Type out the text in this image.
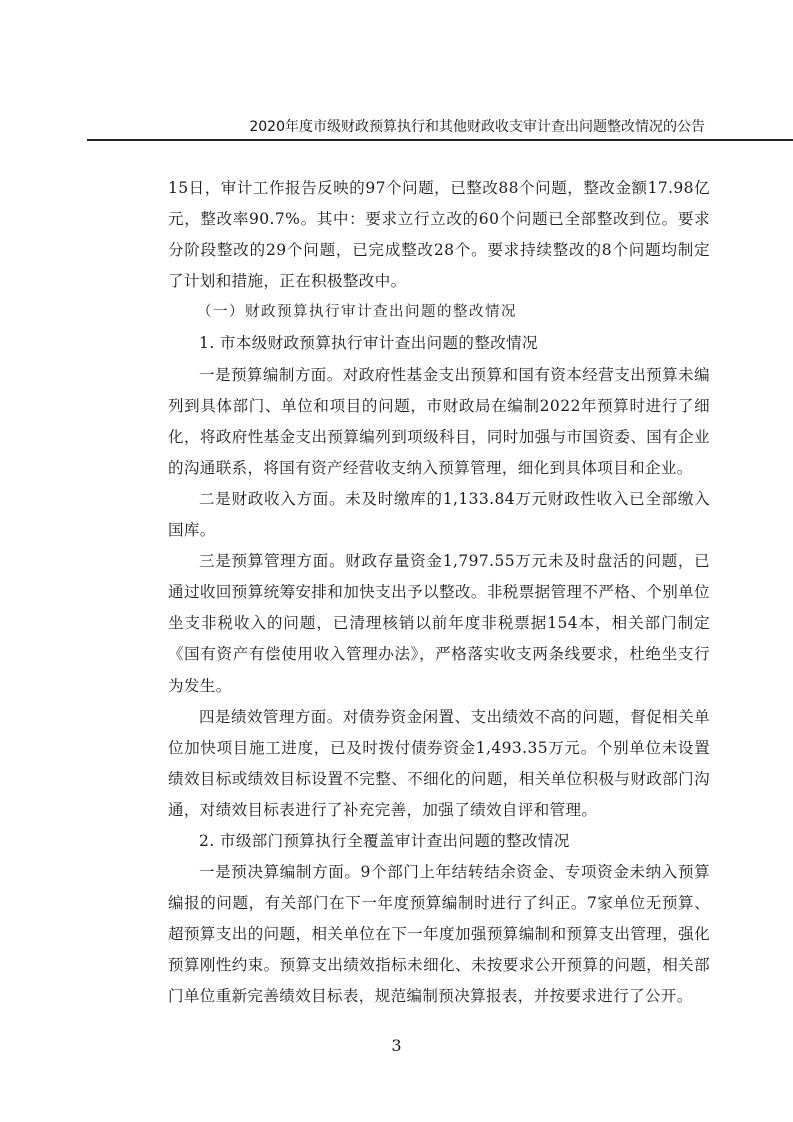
2020年度市级财政预算执行和其他财政收支审计查出问题整改情况的公告

15日，审计工作报告反映的97个问题，已整改88个问题，整改金额17.98亿元，整改率90.7%。其中：要求立行立改的60个问题已全部整改到位。要求分阶段整改的29个问题，已完成整改28个。要求持续整改的8个问题均制定了计划和措施，正在积极整改中。

（一）财政预算执行审计查出问题的整改情况

1. 市本级财政预算执行审计查出问题的整改情况

一是预算编制方面。对政府性基金支出预算和国有资本经营支出预算未编列到具体部门、单位和项目的问题，市财政局在编制2022年预算时进行了细化，将政府性基金支出预算编列到项级科目，同时加强与市国资委、国有企业的沟通联系，将国有资产经营收支纳入预算管理，细化到具体项目和企业。

二是财政收入方面。未及时缴库的1,133.84万元财政性收入已全部缴入国库。

三是预算管理方面。财政存量资金1,797.55万元未及时盘活的问题，已通过收回预算统筹安排和加快支出予以整改。非税票据管理不严格、个别单位坐支非税收入的问题，已清理核销以前年度非税票据154本，相关部门制定《国有资产有偿使用收入管理办法》，严格落实收支两条线要求，杜绝坐支行为发生。

四是绩效管理方面。对债券资金闲置、支出绩效不高的问题，督促相关单位加快项目施工进度，已及时拨付债券资金1,493.35万元。个别单位未设置绩效目标或绩效目标设置不完整、不细化的问题，相关单位积极与财政部门沟通，对绩效目标表进行了补充完善，加强了绩效自评和管理。

2. 市级部门预算执行全覆盖审计查出问题的整改情况

一是预决算编制方面。9个部门上年结转结余资金、专项资金未纳入预算编报的问题，有关部门在下一年度预算编制时进行了纠正。7家单位无预算、超预算支出的问题，相关单位在下一年度加强预算编制和预算支出管理，强化预算刚性约束。预算支出绩效指标未细化、未按要求公开预算的问题，相关部门单位重新完善绩效目标表，规范编制预决算报表，并按要求进行了公开。

3
